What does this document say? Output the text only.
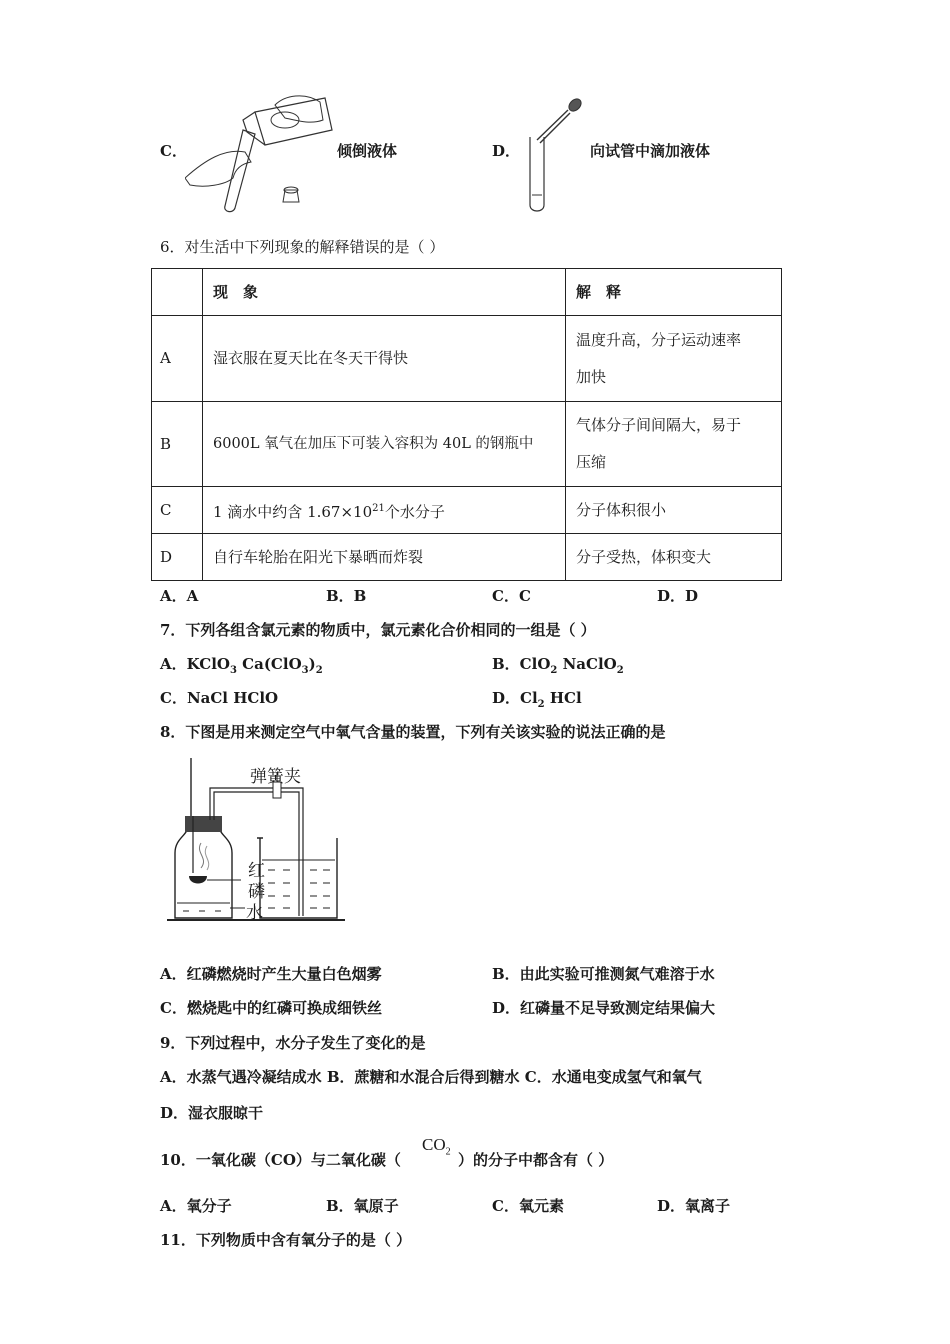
C．	倾倒液体	D．	向试管中滴加液体
6．对生活中下列现象的解释错误的是（ ）
	现　象	解　释
A	湿衣服在夏天比在冬天干得快	温度升高，分子运动速率
加快
B	6000L 氧气在加压下可装入容积为 40L 的钢瓶中	气体分子间间隔大，易于
压缩
C	1 滴水中约含 $1.67\times 10^{21}$个水分子	分子体积很小
D	自行车轮胎在阳光下暴晒而炸裂	分子受热，体积变大
A．A	B．B	C．C	D．D
7．下列各组含氯元素的物质中，氯元素化合价相同的一组是（ ）
A．KClO$_3$ $Ca(ClO_3)_2$	B．ClO$_2$ NaClO$_2$
C．NaCl HClO	D．$Cl_2$ HCl
8．下图是用来测定空气中氧气含量的装置，下列有关该实验的说法正确的是
弹簧夹
红
磷
水
A．红磷燃烧时产生大量白色烟雾	B．由此实验可推测氮气难溶于水
C．燃烧匙中的红磷可换成细铁丝	D．红磷量不足导致测定结果偏大
9．下列过程中，水分子发生了变化的是
A．水蒸气遇冷凝结成水 B．蔗糖和水混合后得到糖水 C．水通电变成氢气和氧气
D．湿衣服晾干
10．一氧化碳（CO）与二氧化碳（
$CO_2$ ）的分子中都含有（ ）
A．氧分子	B．氧原子	C．氧元素	D．氧离子
11．下列物质中含有氧分子的是（ ）
